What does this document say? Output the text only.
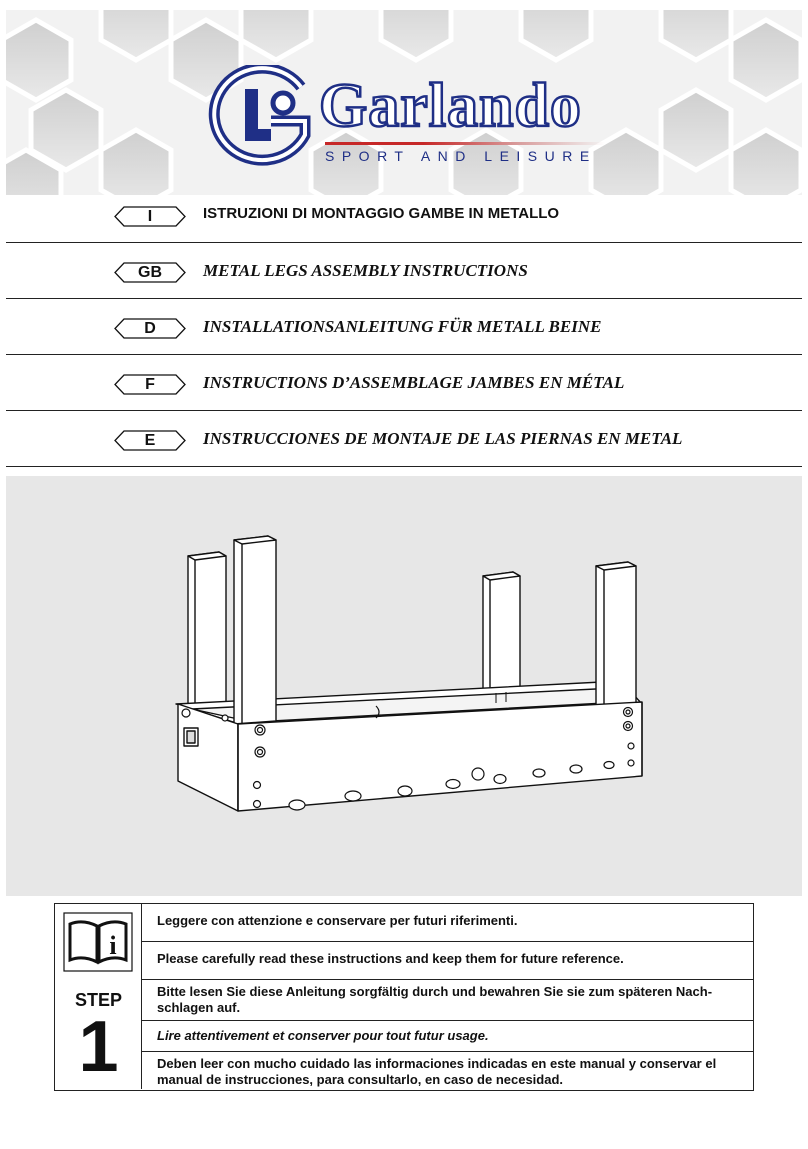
Garlando
SPORT AND LEISURE
I	ISTRUZIONI DI MONTAGGIO GAMBE IN METALLO
GB	METAL LEGS ASSEMBLY INSTRUCTIONS
D	INSTALLATIONSANLEITUNG FÜR METALL BEINE
F	INSTRUCTIONS D’ASSEMBLAGE JAMBES EN MÉTAL
E	INSTRUCCIONES DE MONTAJE DE LAS PIERNAS EN METAL
i
STEP
1
Leggere con attenzione e conservare per futuri riferimenti.
Please carefully read these instructions and keep them for future reference.
Bitte lesen Sie diese Anleitung sorgfältig durch und bewahren Sie sie zum späteren Nach-schlagen auf.
Lire attentivement et conserver pour tout futur usage.
Deben leer con mucho cuidado las informaciones indicadas en este manual y conservar el manual de instrucciones, para consultarlo, en caso de necesidad.
